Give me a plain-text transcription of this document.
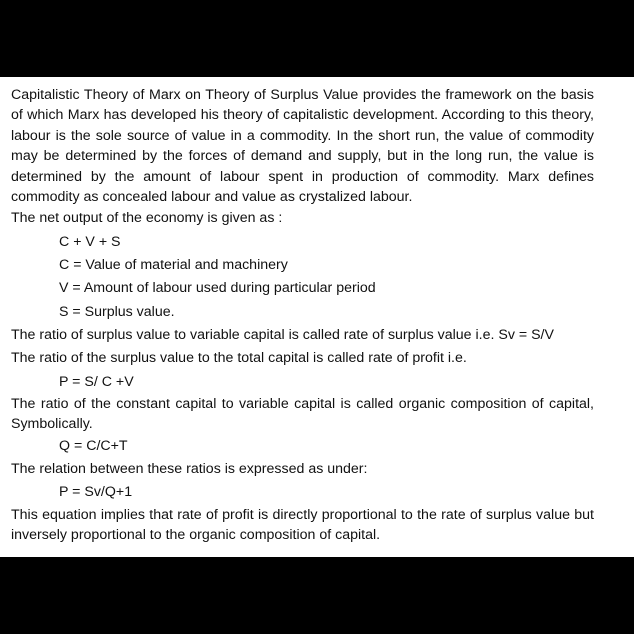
Capitalistic Theory of Marx on Theory of Surplus Value provides the framework on the basis of which Marx has developed his theory of capitalistic development. According to this theory, labour is the sole source of value in a commodity. In the short run, the value of commodity may be determined by the forces of demand and supply, but in the long run, the value is determined by the amount of labour spent in production of commodity. Marx defines commodity as concealed labour and value as crystalized labour.

The net output of the economy is given as :

C + V + S

C = Value of material and machinery

V = Amount of labour used during particular period

S = Surplus value.

The ratio of surplus value to variable capital is called rate of surplus value i.e. Sv = S/V

The ratio of the surplus value to the total capital is called rate of profit i.e.

P = S/ C +V

The ratio of the constant capital to variable capital is called organic composition of capital, Symbolically.

Q = C/C+T

The relation between these ratios is expressed as under:

P = Sv/Q+1

This equation implies that rate of profit is directly proportional to the rate of surplus value but inversely proportional to the organic composition of capital.
